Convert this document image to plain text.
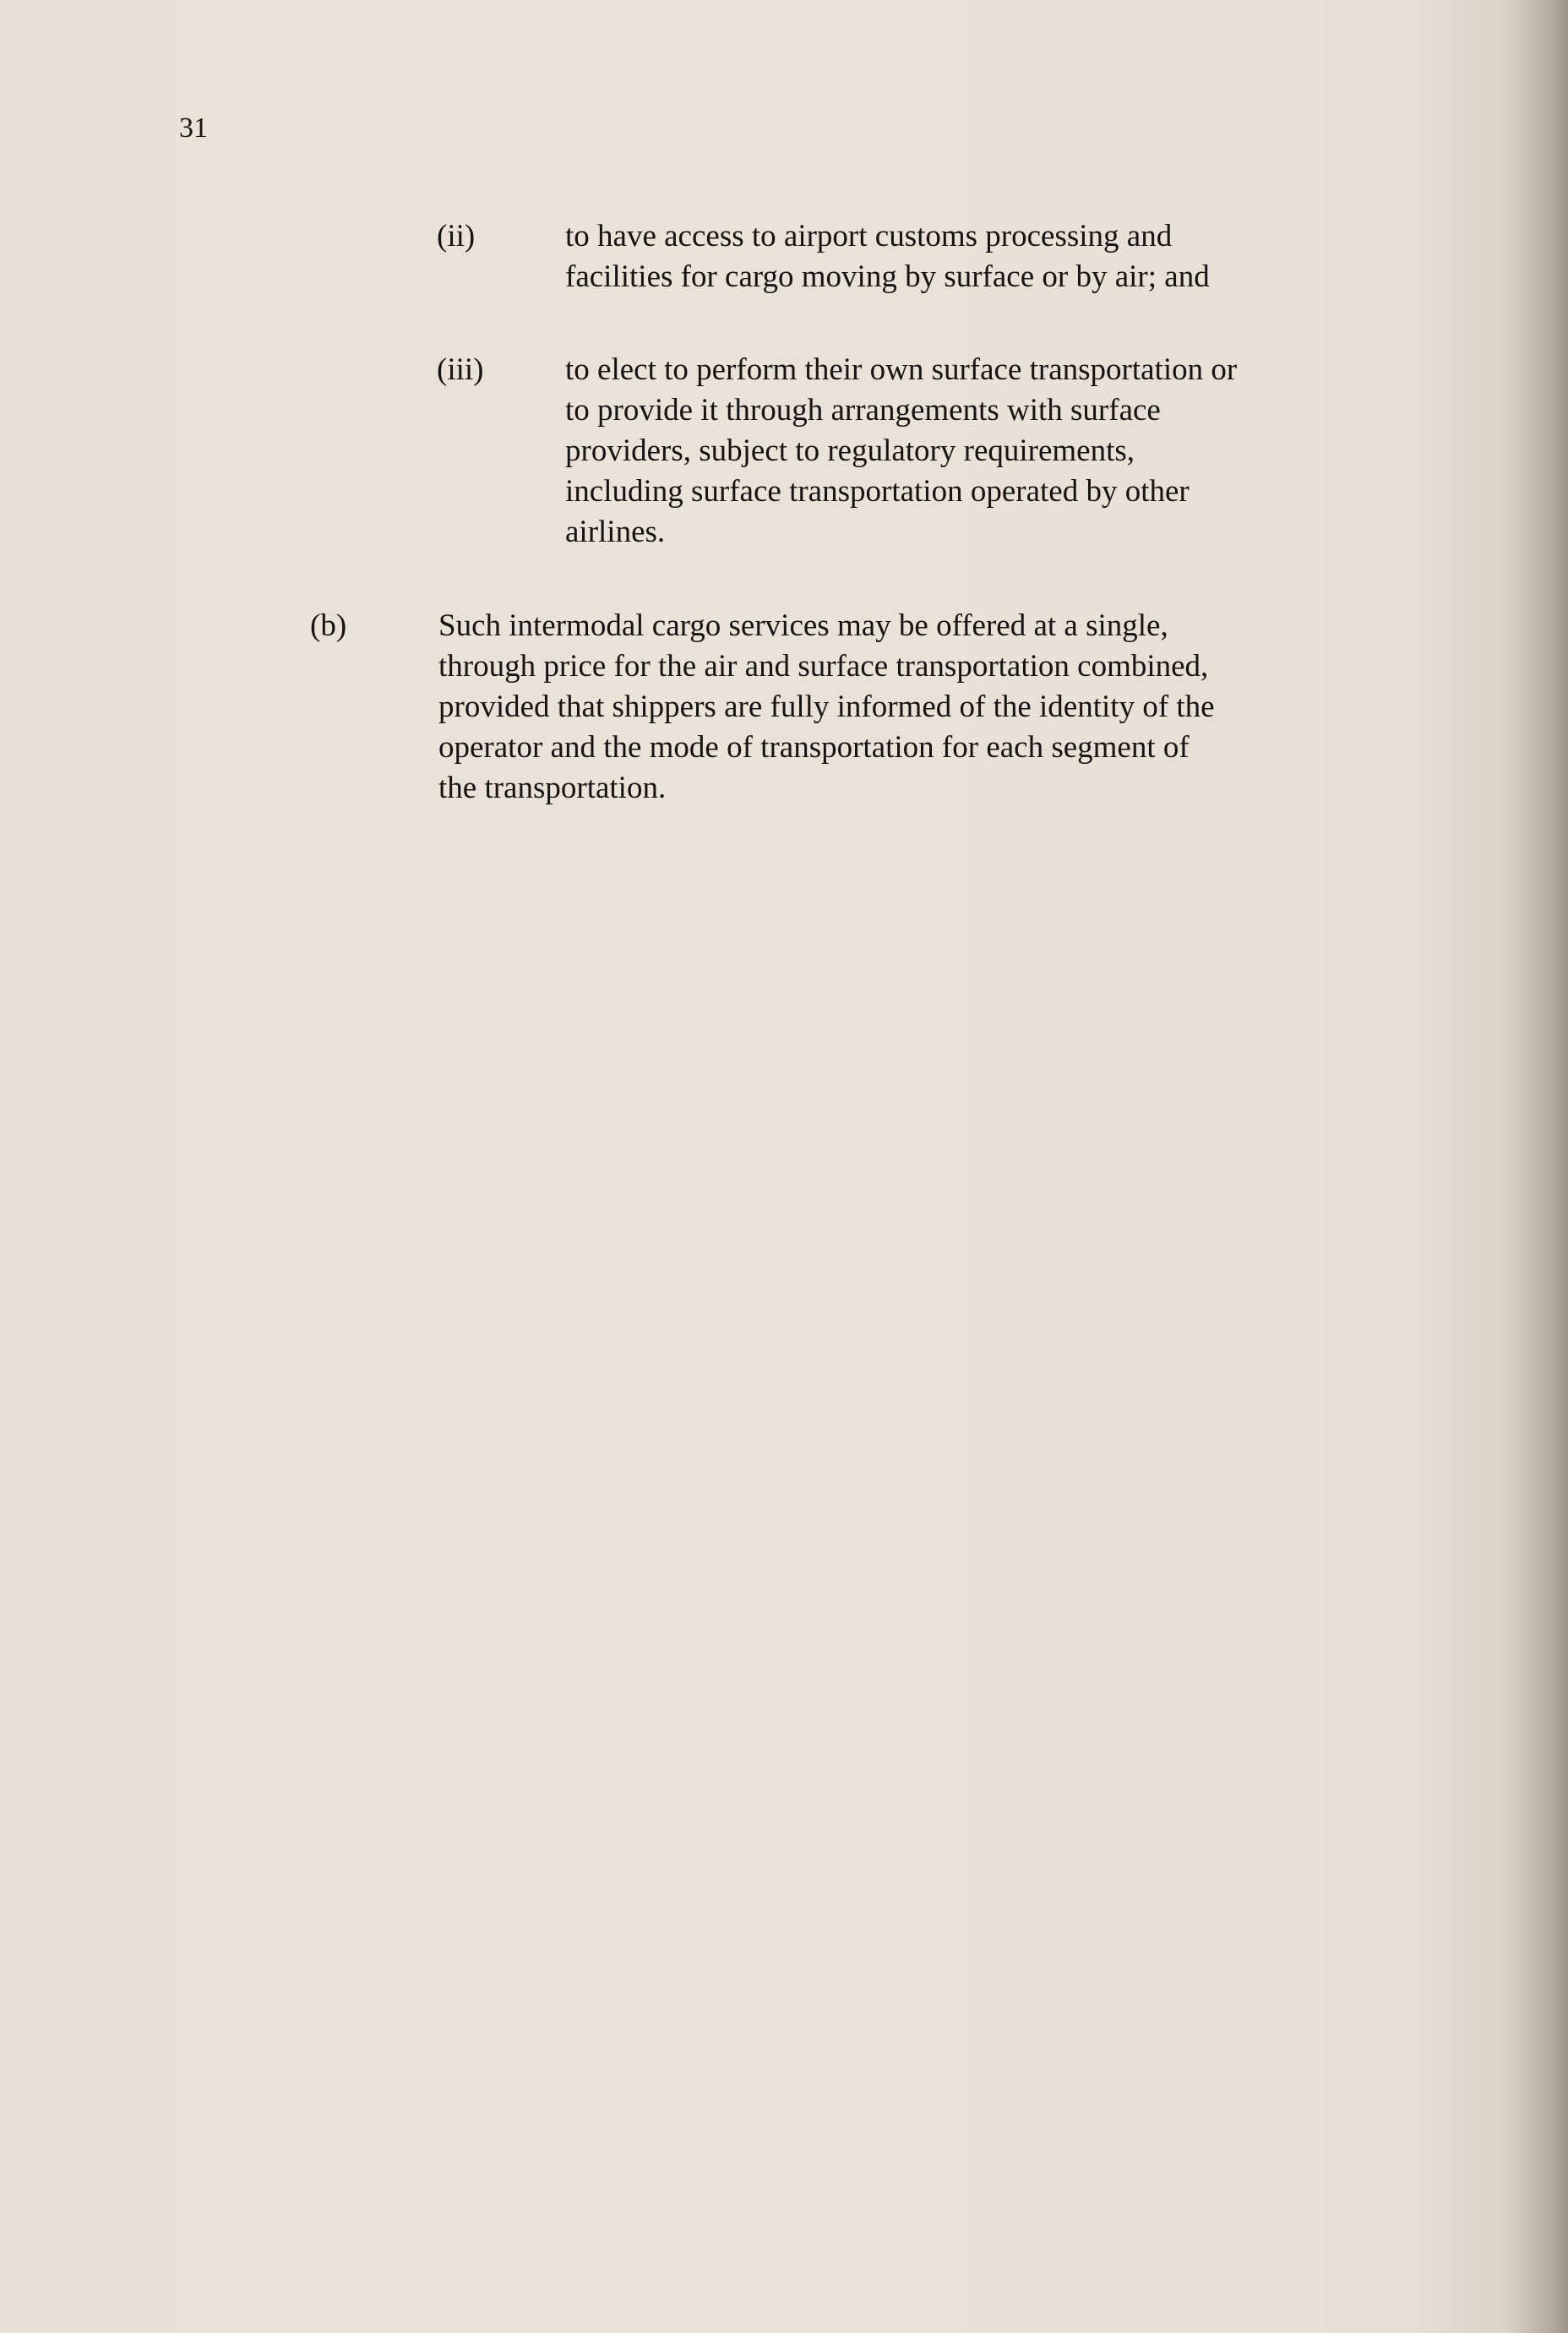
31
(ii)	to have access to airport customs processing and
facilities for cargo moving by surface or by air; and
(iii)	to elect to perform their own surface transportation or
to provide it through arrangements with surface
providers, subject to regulatory requirements,
including surface transportation operated by other
airlines.
(b)	Such intermodal cargo services may be offered at a single,
through price for the air and surface transportation combined,
provided that shippers are fully informed of the identity of the
operator and the mode of transportation for each segment of
the transportation.
